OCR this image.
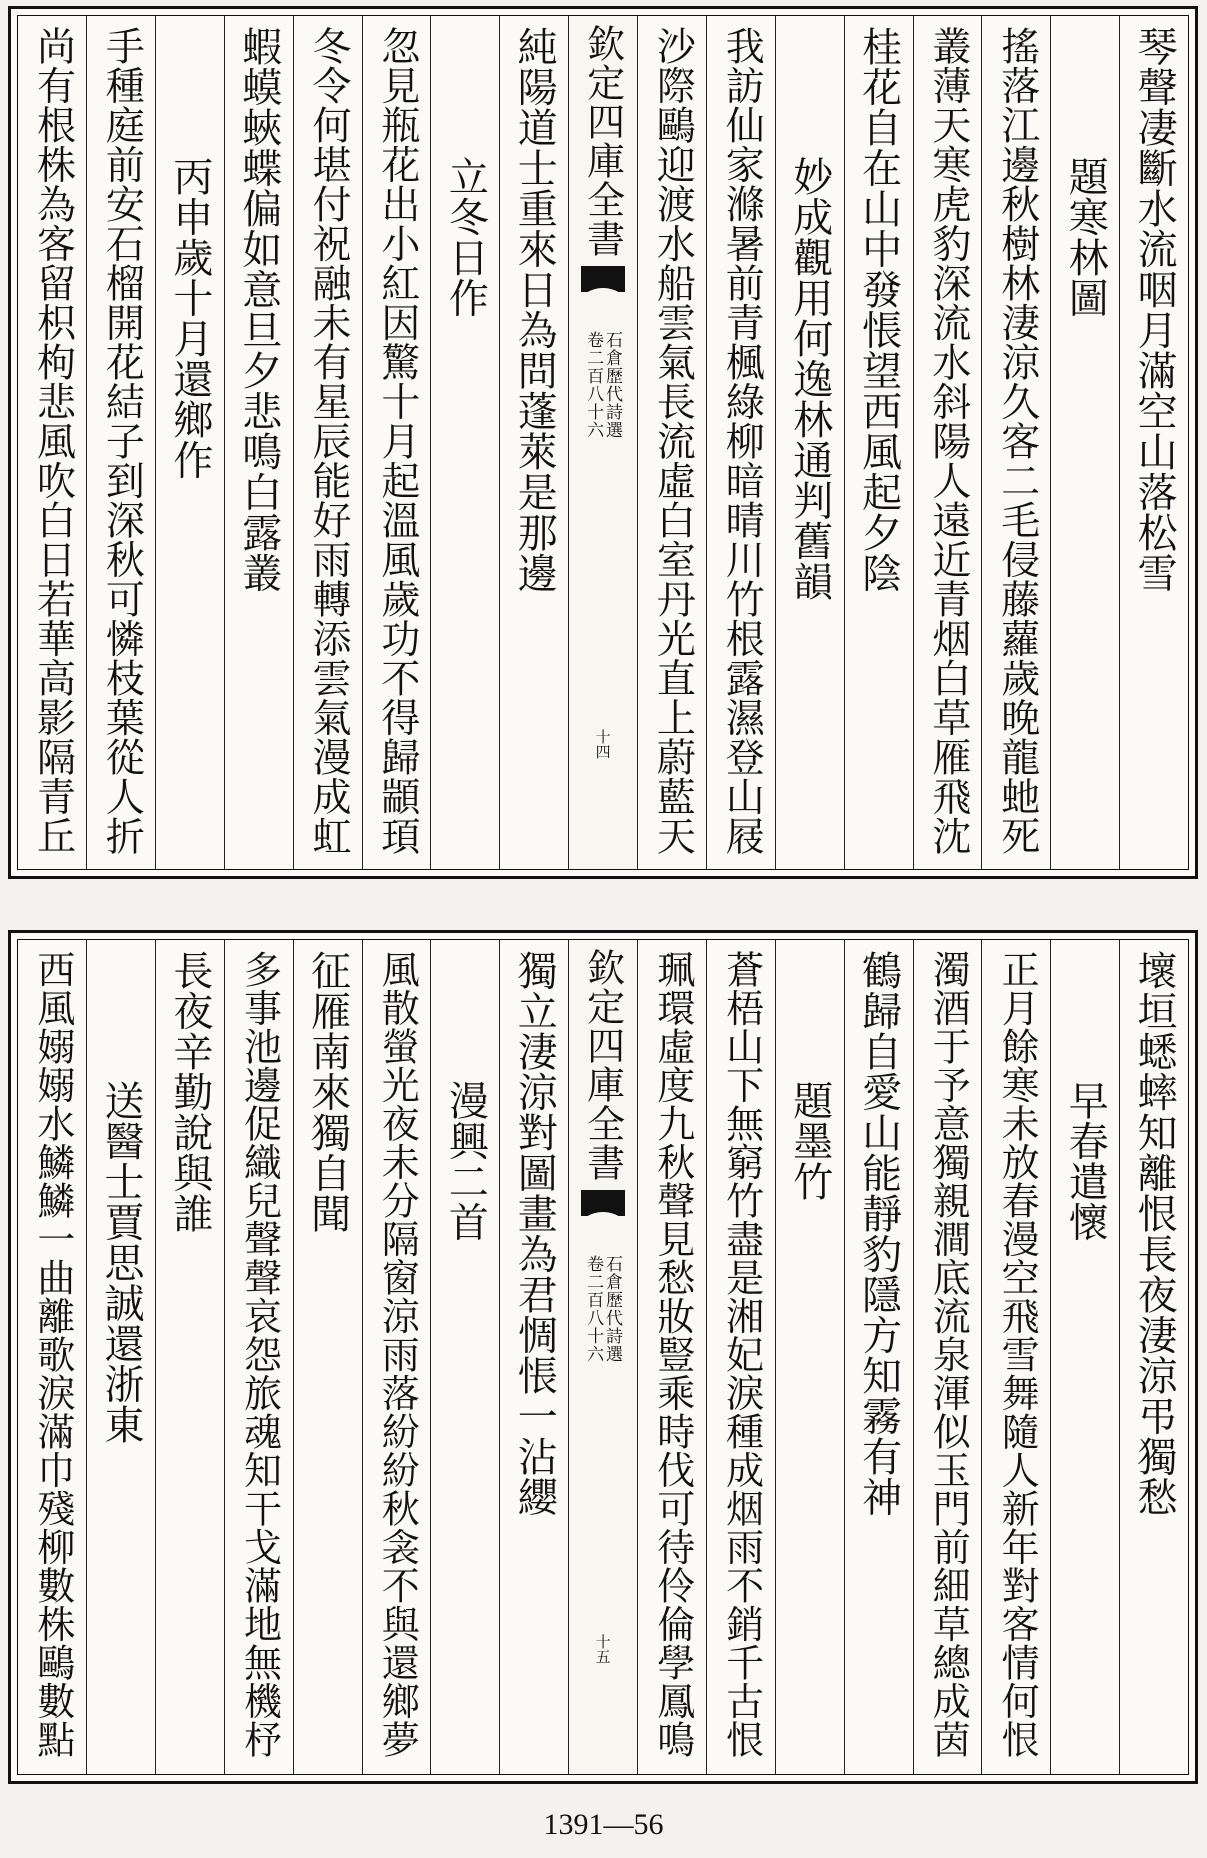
琴聲凄斷水流咽月滿空山落松雪
題寒林圖
搖落江邊秋樹林淒涼久客二毛侵藤蘿歲晚龍虵死
叢薄天寒虎豹深流水斜陽人遠近青烟白草雁飛沈
桂花自在山中發悵望西風起夕陰
妙成觀用何逸林通判舊韻
我訪仙家滌暑前青楓綠柳暗晴川竹根露濕登山屐
沙際鷗迎渡水船雲氣長流虛白室丹光直上蔚藍天
欽定四庫全書
石倉歷代詩選
卷二百八十六
十四
純陽道士重來日為問蓬萊是那邊
立冬日作
忽見瓶花出小紅因驚十月起溫風歲功不得歸顓頊
冬令何堪付祝融未有星辰能好雨轉添雲氣漫成虹
蝦蟆蛺蝶偏如意旦夕悲鳴白露叢
丙申歲十月還鄉作
手種庭前安石榴開花結子到深秋可憐枝葉從人折
尚有根株為客留枳枸悲風吹白日若華高影隔青丘
壞垣蟋蟀知離恨長夜淒涼弔獨愁
早春遣懷
正月餘寒未放春漫空飛雪舞隨人新年對客情何恨
濁酒于予意獨親澗底流泉渾似玉門前細草總成茵
鶴歸自愛山能靜豹隱方知霧有神
題墨竹
蒼梧山下無窮竹盡是湘妃淚種成烟雨不銷千古恨
珮環虛度九秋聲見愁妝豎乘時伐可待伶倫學鳳鳴
欽定四庫全書
石倉歷代詩選
卷二百八十六
十五
獨立淒涼對圖畫為君惆悵一沾纓
漫興二首
風散螢光夜未分隔窗涼雨落紛紛秋衾不與還鄉夢
征雁南來獨自聞
多事池邊促織兒聲聲哀怨旅魂知干戈滿地無機杼
長夜辛勤說與誰
送醫士賈思誠還浙東
西風嫋嫋水鱗鱗一曲離歌淚滿巾殘柳數株鷗數點
1391—56
